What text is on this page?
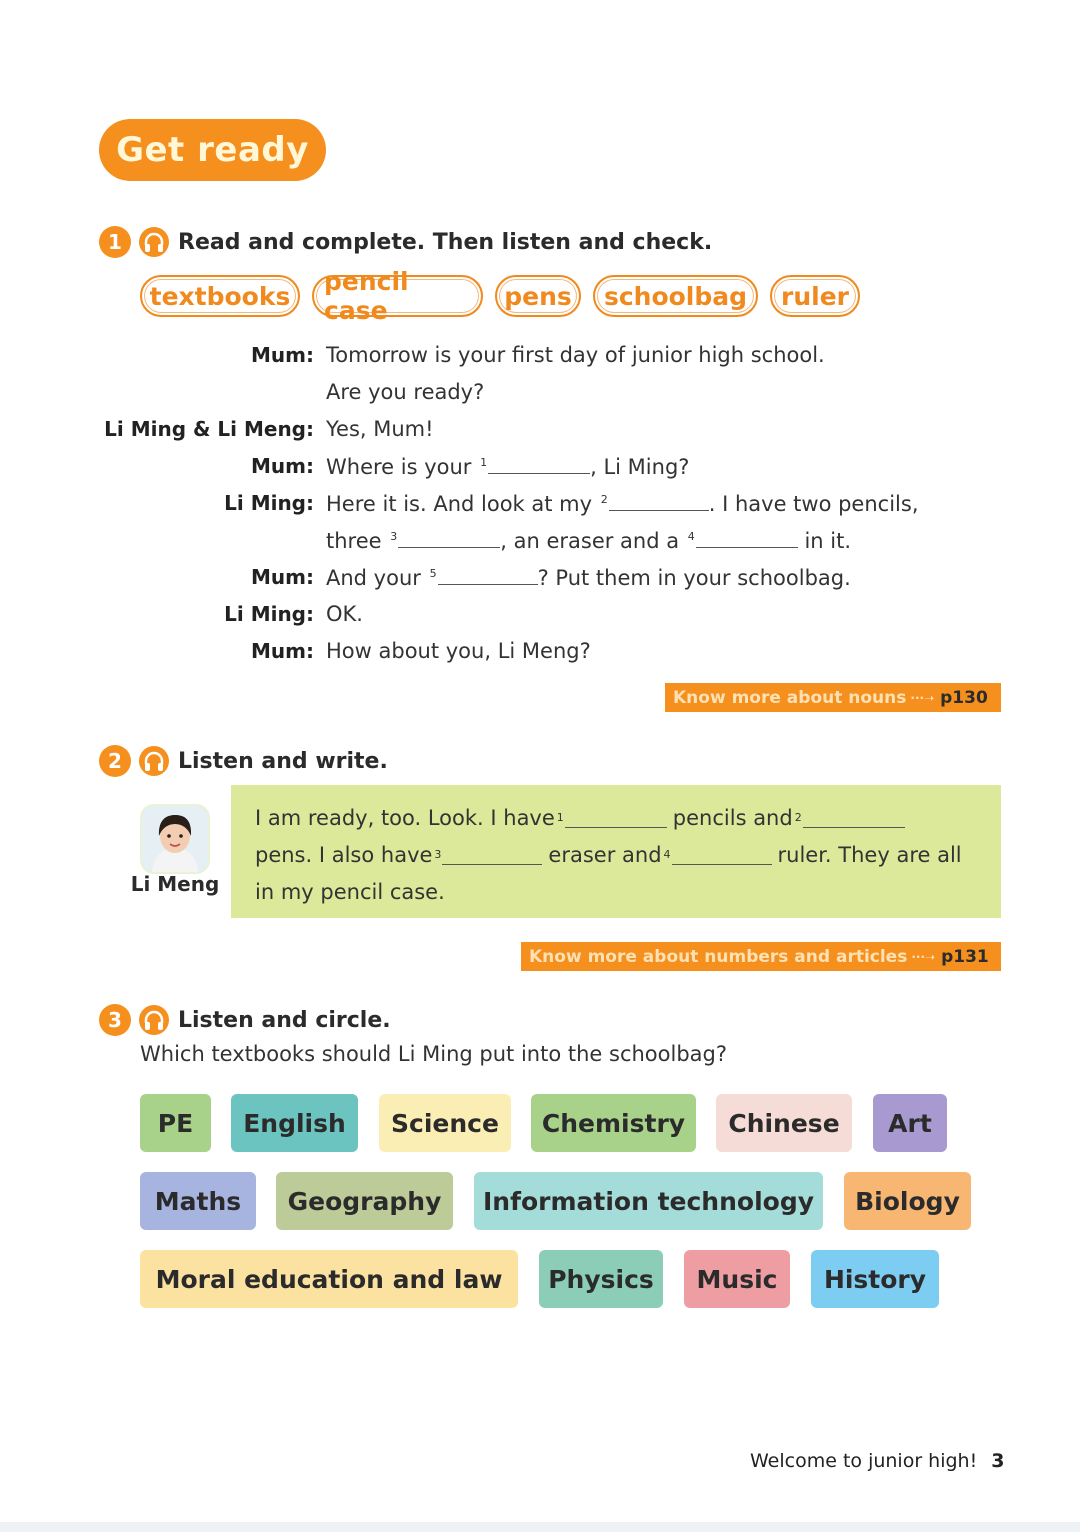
Get ready
1	Read and complete. Then listen and check.
textbooks	pencil case	pens	schoolbag	ruler
Mum: Tomorrow is your first day of junior high school.
Are you ready?
Li Ming & Li Meng: Yes, Mum!
Mum: Where is your $^1$	, Li Ming?
Li Ming: Here it is. And look at my $^2$	. I have two pencils,
three $^3$	, an eraser and a $^4$	in it.
Mum: And your $^5$	? Put them in your schoolbag.
Li Ming: OK.
Mum: How about you, Li Meng?
Know more about nouns ···➝ p130
2	Listen and write.
Li Meng
I am ready, too. Look. I have 1	pencils and 2
pens. I also have 3	eraser and 4	ruler. They are all
in my pencil case.
Know more about numbers and articles ···➝ p131
3	Listen and circle.
Which textbooks should Li Ming put into the schoolbag?
PE	English	Science	Chemistry	Chinese	Art
Maths	Geography	Information technology	Biology
Moral education and law	Physics	Music	History
Welcome to junior high! 3
